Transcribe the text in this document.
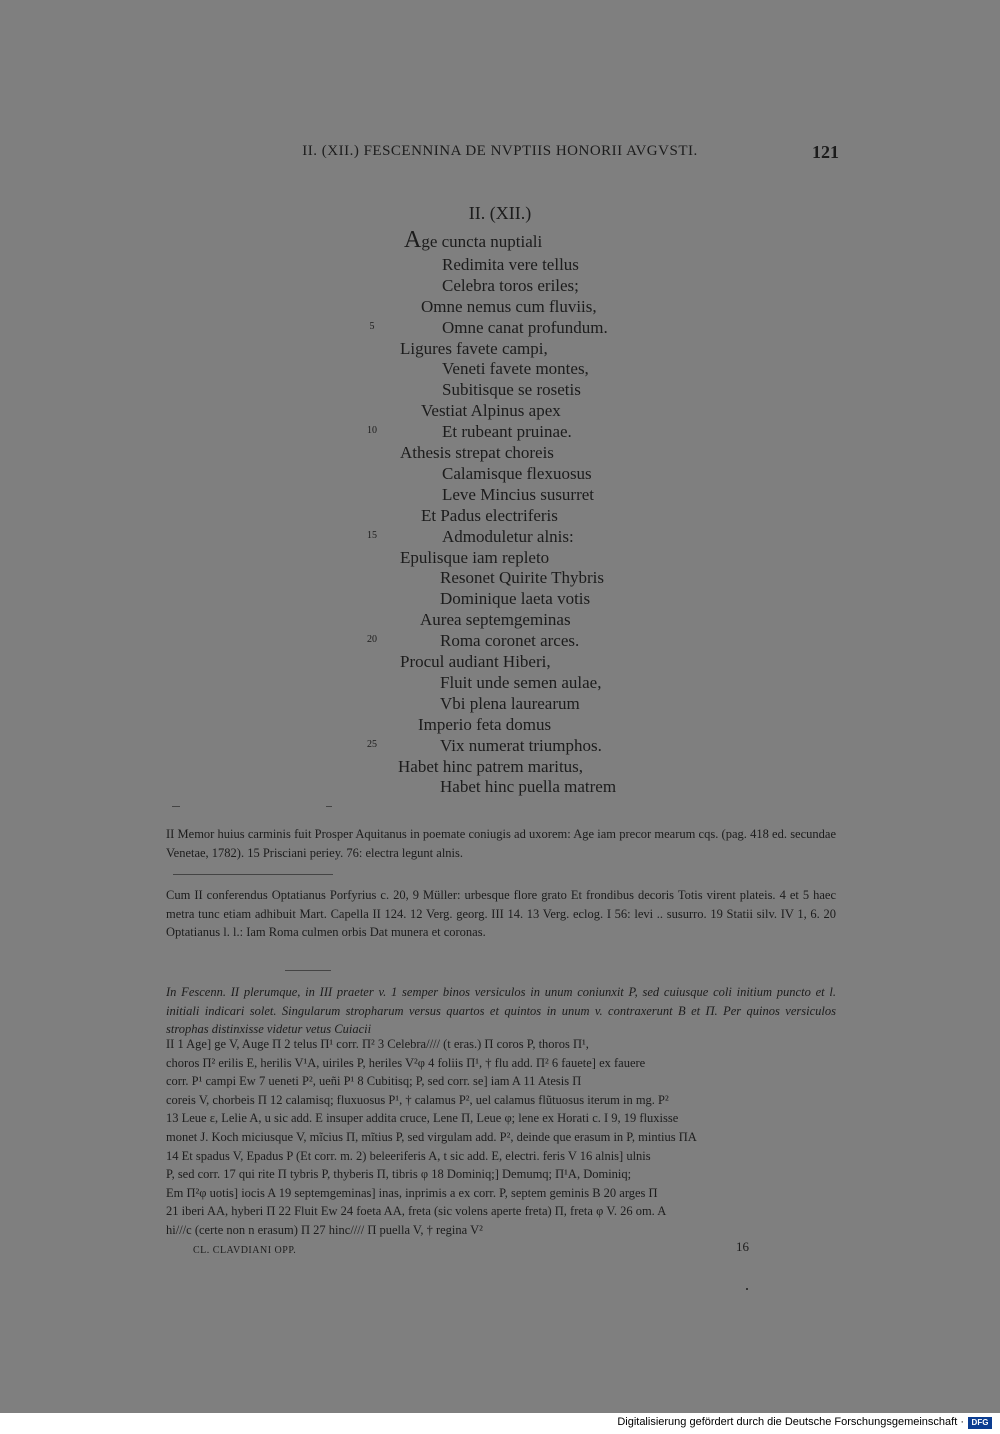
II. (XII.) FESCENNINA DE NVPTIIS HONORII AVGVSTI.	121
II. (XII.)
Age cuncta nuptiali
Redimita vere tellus
Celebra toros eriles;
Omne nemus cum fluviis,
Omne canat profundum.
Ligures favete campi,
Veneti favete montes,
Subitisque se rosetis
Vestiat Alpinus apex
Et rubeant pruinae.
Athesis strepat choreis
Calamisque flexuosus
Leve Mincius susurret
Et Padus electriferis
Admoduletur alnis:
Epulisque iam repleto
Resonet Quirite Thybris
Dominique laeta votis
Aurea septemgeminas
Roma coronet arces.
Procul audiant Hiberi,
Fluit unde semen aulae,
Vbi plena laurearum
Imperio feta domus
Vix numerat triumphos.
Habet hinc patrem maritus,
Habet hinc puella matrem
5
10
15
20
25
II Memor huius carminis fuit Prosper Aquitanus in poemate coniugis ad uxorem: Age iam precor mearum cqs. (pag. 418 ed. secundae Venetae, 1782). 15 Prisciani periey. 76: electra legunt alnis.
Cum II conferendus Optatianus Porfyrius c. 20, 9 Müller: urbesque flore grato Et frondibus decoris Totis virent plateis. 4 et 5 haec metra tunc etiam adhibuit Mart. Capella II 124. 12 Verg. georg. III 14. 13 Verg. eclog. I 56: levi .. susurro. 19 Statii silv. IV 1, 6. 20 Optatianus l. l.: Iam Roma culmen orbis Dat munera et coronas.
In Fescenn. II plerumque, in III praeter v. 1 semper binos versiculos in unum coniunxit P, sed cuiusque coli initium puncto et l. initiali indicari solet. Singularum stropharum versus quartos et quintos in unum v. contraxerunt B et Π. Per quinos versiculos strophas distinxisse videtur vetus Cuiacii
II 1 Age] ge V, Auge Π 2 telus Π¹ corr. Π² 3 Celebra//// (t eras.) Π coros P, thoros Π¹,
choros Π² erilis E, herilis V¹A, uiriles P, heriles V²φ 4 foliis Π¹, † flu add. Π² 6 fauete] ex fauere
corr. P¹ campi Ew 7 ueneti P², ueñi P¹ 8 Cubitisq; P, sed corr. se] iam A 11 Atesis Π
coreis V, chorbeis Π 12 calamisq; fluxuosus P¹, † calamus P², uel calamus flũtuosus iterum in mg. P²
13 Leue ε, Lelie A, u sic add. E insuper addita cruce, Lene Π, Leue φ; lene ex Horati c. I 9, 19 fluxisse
monet J. Koch miciusque V, mĩcius Π, mĩtius P, sed virgulam add. P², deinde que erasum in P, mintius ΠA
14 Et spadus V, Epadus P (Et corr. m. 2) beleeriferis A, t sic add. E, electri. feris V 16 alnis] ulnis
P, sed corr. 17 qui rite Π tybris P, thyberis Π, tibris φ 18 Dominiq;] Demumq; Π¹A, Dominiq;
Em Π²φ uotis] iocis A 19 septemgeminas] inas, inprimis a ex corr. P, septem geminis B 20 arges Π
21 iberi AA, hyberi Π 22 Fluit Ew 24 foeta AA, freta (sic volens aperte freta) Π, freta φ V. 26 om. A
hi///c (certe non n erasum) Π 27 hinc//// Π puella V, † regina V²
CL. CLAVDIANI OPP.	16
Digitalisierung gefördert durch die Deutsche Forschungsgemeinschaft · DFG
